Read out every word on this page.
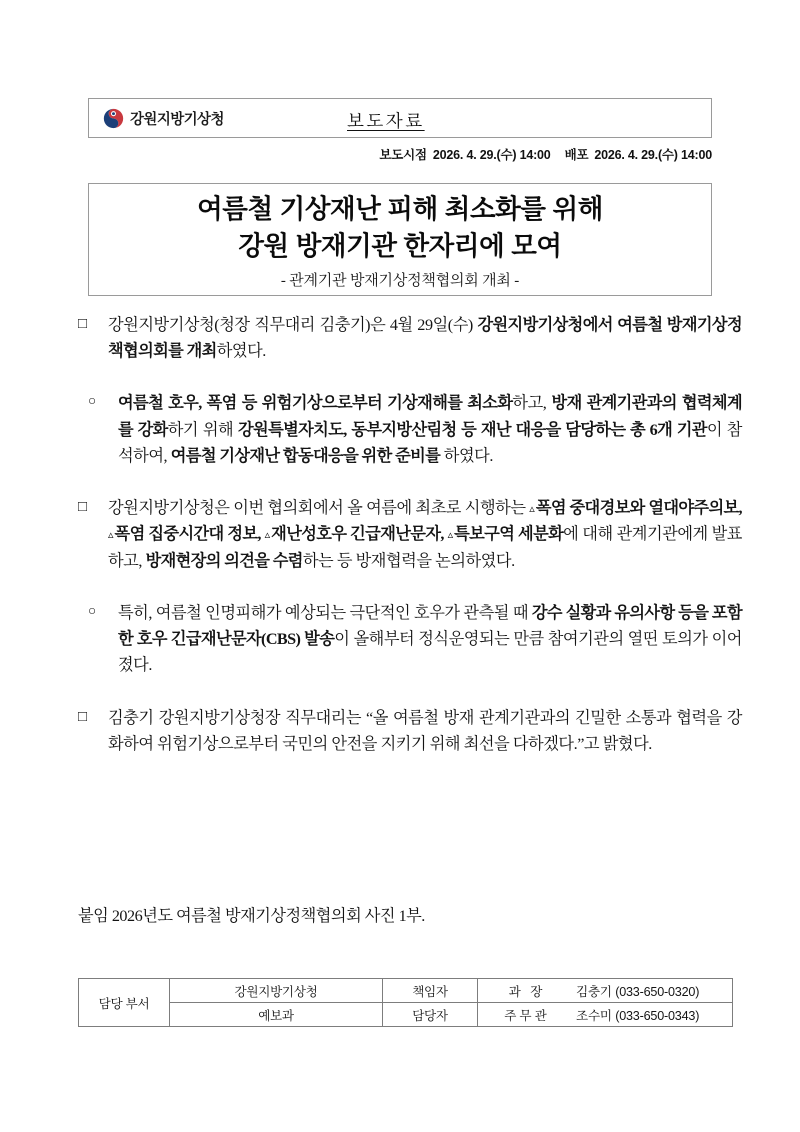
강원지방기상청	보도자료
보도시점 2026. 4. 29.(수) 14:00 배포 2026. 4. 29.(수) 14:00
여름철 기상재난 피해 최소화를 위해
강원 방재기관 한자리에 모여
- 관계기관 방재기상정책협의회 개최 -
□ 강원지방기상청(청장 직무대리 김충기)은 4월 29일(수) 강원지방기상청에서 여름철 방재기상정책협의회를 개최하였다.
○ 여름철 호우, 폭염 등 위험기상으로부터 기상재해를 최소화하고, 방재 관계기관과의 협력체계를 강화하기 위해 강원특별자치도, 동부지방산림청 등 재난 대응을 담당하는 총 6개 기관이 참석하여, 여름철 기상재난 합동대응을 위한 준비를 하였다.
□ 강원지방기상청은 이번 협의회에서 올 여름에 최초로 시행하는 ▵폭염 중대경보와 열대야주의보, ▵폭염 집중시간대 정보, ▵재난성호우 긴급재난문자, ▵특보구역 세분화에 대해 관계기관에게 발표하고, 방재현장의 의견을 수렴하는 등 방재협력을 논의하였다.
○ 특히, 여름철 인명피해가 예상되는 극단적인 호우가 관측될 때 강수 실황과 유의사항 등을 포함한 호우 긴급재난문자(CBS) 발송이 올해부터 정식운영되는 만큼 참여기관의 열띤 토의가 이어졌다.
□ 김충기 강원지방기상청장 직무대리는 “올 여름철 방재 관계기관과의 긴밀한 소통과 협력을 강화하여 위험기상으로부터 국민의 안전을 지키기 위해 최선을 다하겠다.”고 밝혔다.
붙임 2026년도 여름철 방재기상정책협의회 사진 1부.
담당 부서	강원지방기상청	책임자	과 장 김충기 (033-650-0320)

	예보과	담당자	주무관 조수미 (033-650-0343)
